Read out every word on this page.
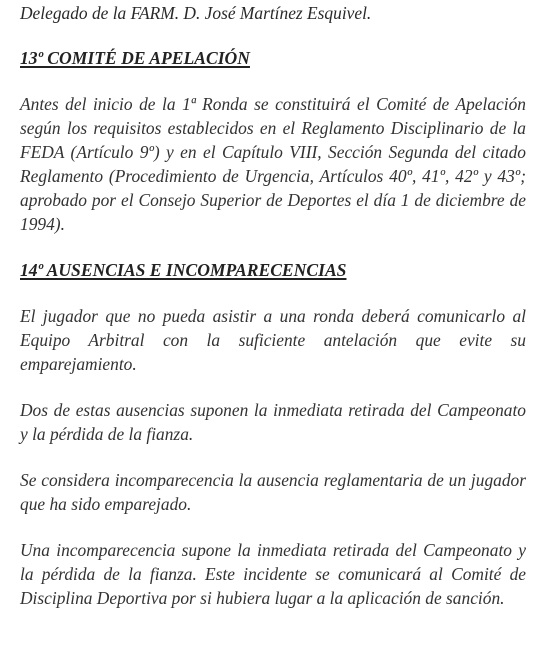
Delegado de la FARM. D. José Martínez Esquivel.
13º COMITÉ DE APELACIÓN

Antes del inicio de la 1ª Ronda se constituirá el Comité de Apelación según los requisitos establecidos en el Reglamento Disciplinario de la FEDA (Artículo 9º) y en el Capítulo VIII, Sección Segunda del citado Reglamento (Procedimiento de Urgencia, Artículos 40º, 41º, 42º y 43º; aprobado por el Consejo Superior de Deportes el día 1 de diciembre de 1994).

14º AUSENCIAS E INCOMPARECENCIAS

El jugador que no pueda asistir a una ronda deberá comunicarlo al Equipo Arbitral con la suficiente antelación que evite su emparejamiento.

Dos de estas ausencias suponen la inmediata retirada del Campeonato y la pérdida de la fianza.

Se considera incomparecencia la ausencia reglamentaria de un jugador que ha sido emparejado.

Una incomparecencia supone la inmediata retirada del Campeonato y la pérdida de la fianza. Este incidente se comunicará al Comité de Disciplina Deportiva por si hubiera lugar a la aplicación de sanción.
